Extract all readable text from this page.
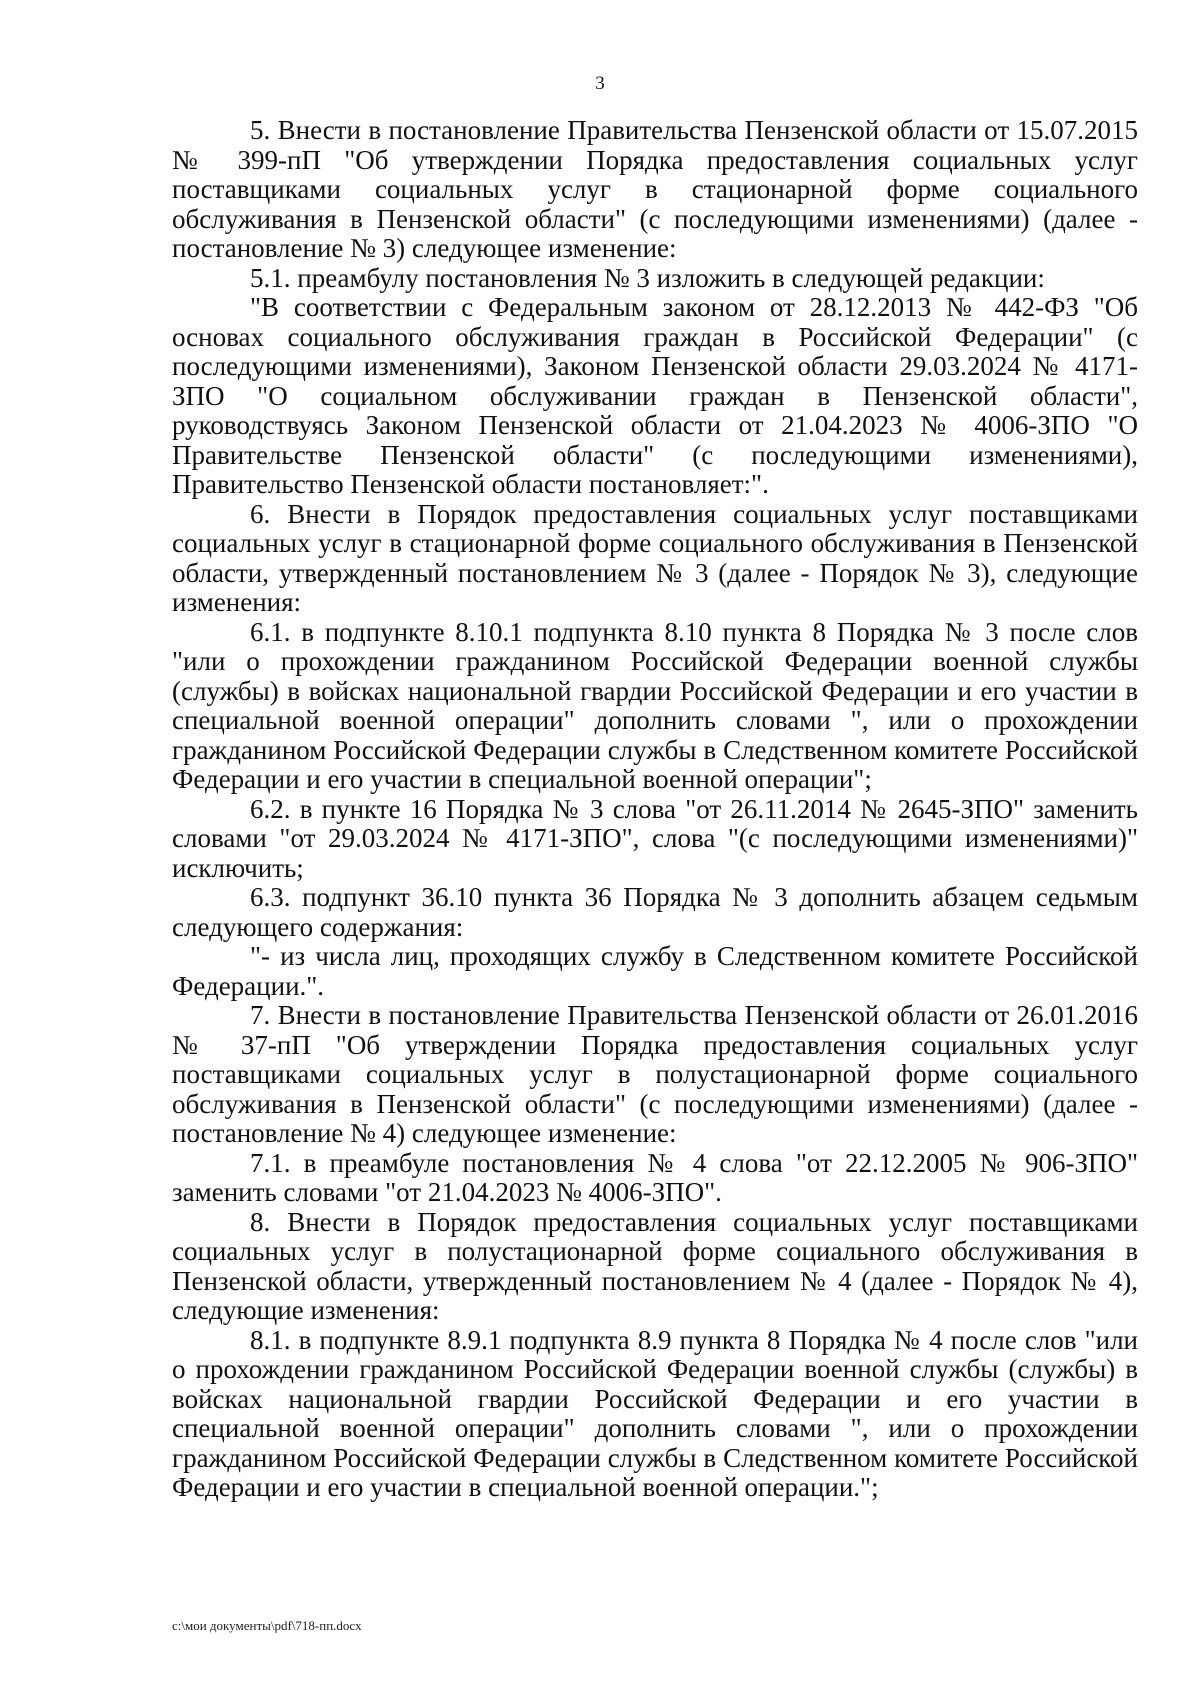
3

5. Внести в постановление Правительства Пензенской области от 15.07.2015 № 399-пП "Об утверждении Порядка предоставления социальных услуг поставщиками социальных услуг в стационарной форме социального обслуживания в Пензенской области" (с последующими изменениями) (далее - постановление № 3) следующее изменение:

5.1. преамбулу постановления № 3 изложить в следующей редакции:

"В соответствии с Федеральным законом от 28.12.2013 № 442-ФЗ "Об основах социального обслуживания граждан в Российской Федерации" (с последующими изменениями), Законом Пензенской области 29.03.2024 № 4171-ЗПО "О социальном обслуживании граждан в Пензенской области", руководствуясь Законом Пензенской области от 21.04.2023 № 4006-ЗПО "О Правительстве Пензенской области" (с последующими изменениями), Правительство Пензенской области постановляет:".

6. Внести в Порядок предоставления социальных услуг поставщиками социальных услуг в стационарной форме социального обслуживания в Пензенской области, утвержденный постановлением № 3 (далее - Порядок № 3), следующие изменения:

6.1. в подпункте 8.10.1 подпункта 8.10 пункта 8 Порядка № 3 после слов "или о прохождении гражданином Российской Федерации военной службы (службы) в войсках национальной гвардии Российской Федерации и его участии в специальной военной операции" дополнить словами ", или о прохождении гражданином Российской Федерации службы в Следственном комитете Российской Федерации и его участии в специальной военной операции";

6.2. в пункте 16 Порядка № 3 слова "от 26.11.2014 № 2645-ЗПО" заменить словами "от 29.03.2024 № 4171-ЗПО", слова "(с последующими изменениями)" исключить;

6.3. подпункт 36.10 пункта 36 Порядка № 3 дополнить абзацем седьмым следующего содержания:

"- из числа лиц, проходящих службу в Следственном комитете Российской Федерации.".

7. Внести в постановление Правительства Пензенской области от 26.01.2016 № 37-пП "Об утверждении Порядка предоставления социальных услуг поставщиками социальных услуг в полустационарной форме социального обслуживания в Пензенской области" (с последующими изменениями) (далее - постановление № 4) следующее изменение:

7.1. в преамбуле постановления № 4 слова "от 22.12.2005 № 906-ЗПО" заменить словами "от 21.04.2023 № 4006-ЗПО".

8. Внести в Порядок предоставления социальных услуг поставщиками социальных услуг в полустационарной форме социального обслуживания в Пензенской области, утвержденный постановлением № 4 (далее - Порядок № 4), следующие изменения:

8.1. в подпункте 8.9.1 подпункта 8.9 пункта 8 Порядка № 4 после слов "или о прохождении гражданином Российской Федерации военной службы (службы) в войсках национальной гвардии Российской Федерации и его участии в специальной военной операции" дополнить словами ", или о прохождении гражданином Российской Федерации службы в Следственном комитете Российской Федерации и его участии в специальной военной операции.";

c:\мои документы\pdf\718-пп.docx
